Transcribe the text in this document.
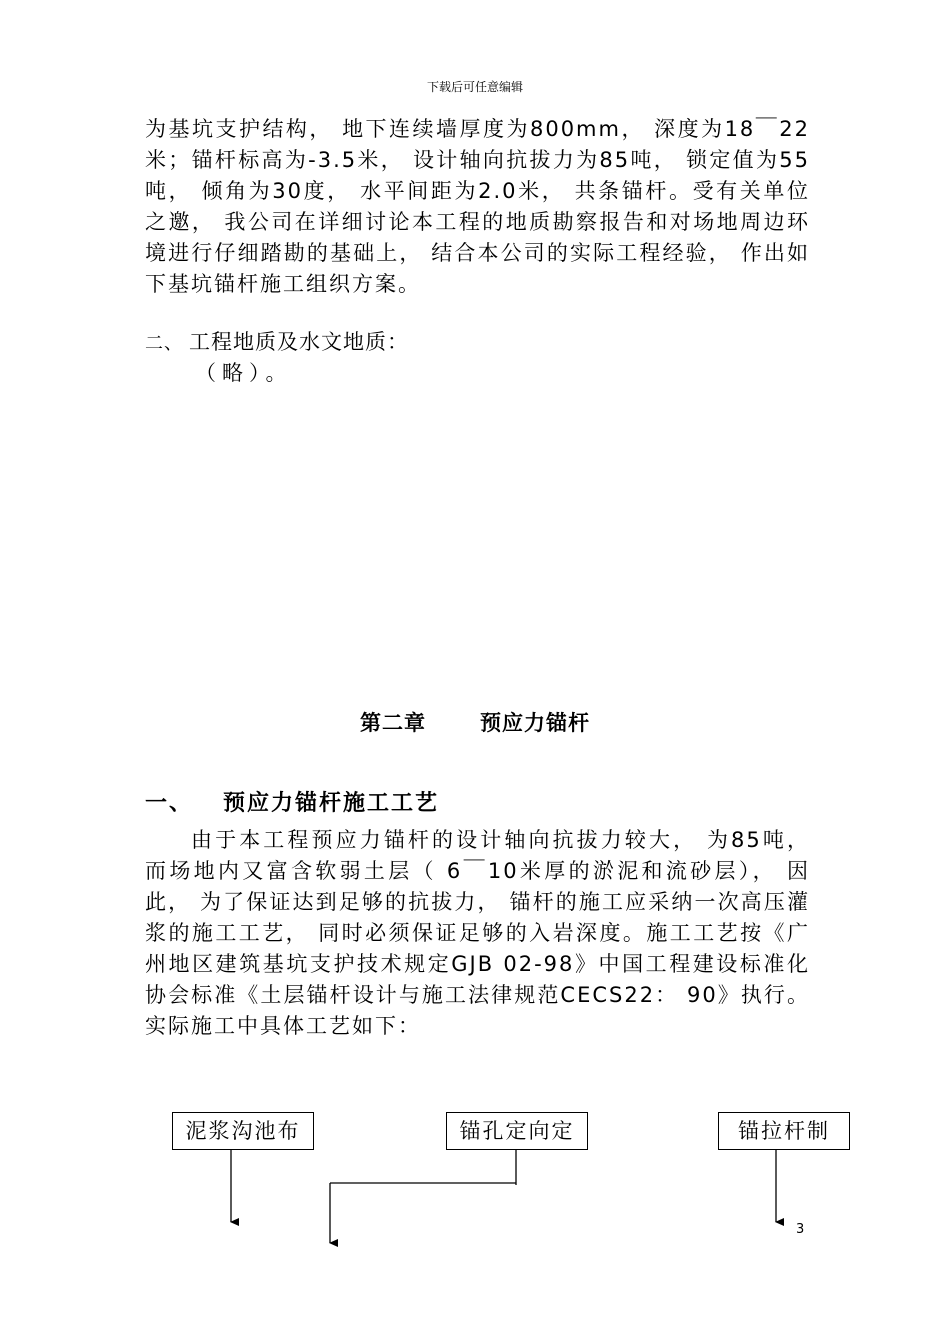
下载后可任意编辑
为基坑支护结构， 地下连续墙厚度为800mm， 深度为18￣22米；锚杆标高为-3.5米， 设计轴向抗拔力为85吨， 锁定值为55吨， 倾角为30度， 水平间距为2.0米， 共条锚杆。受有关单位之邀， 我公司在详细讨论本工程的地质勘察报告和对场地周边环境进行仔细踏勘的基础上， 结合本公司的实际工程经验， 作出如下基坑锚杆施工组织方案。
二、 工程地质及水文地质：
（略）。
第二章	预应力锚杆
一、 预应力锚杆施工工艺
由于本工程预应力锚杆的设计轴向抗拔力较大， 为85吨， 而场地内又富含软弱土层（ 6￣10米厚的淤泥和流砂层）， 因此， 为了保证达到足够的抗拔力， 锚杆的施工应采纳一次高压灌浆的施工工艺， 同时必须保证足够的入岩深度。施工工艺按《广州地区建筑基坑支护技术规定GJB 02-98》中国工程建设标准化协会标准《土层锚杆设计与施工法律规范CECS22： 90》执行。实际施工中具体工艺如下：
泥浆沟池布	锚孔定向定	锚拉杆制
3
